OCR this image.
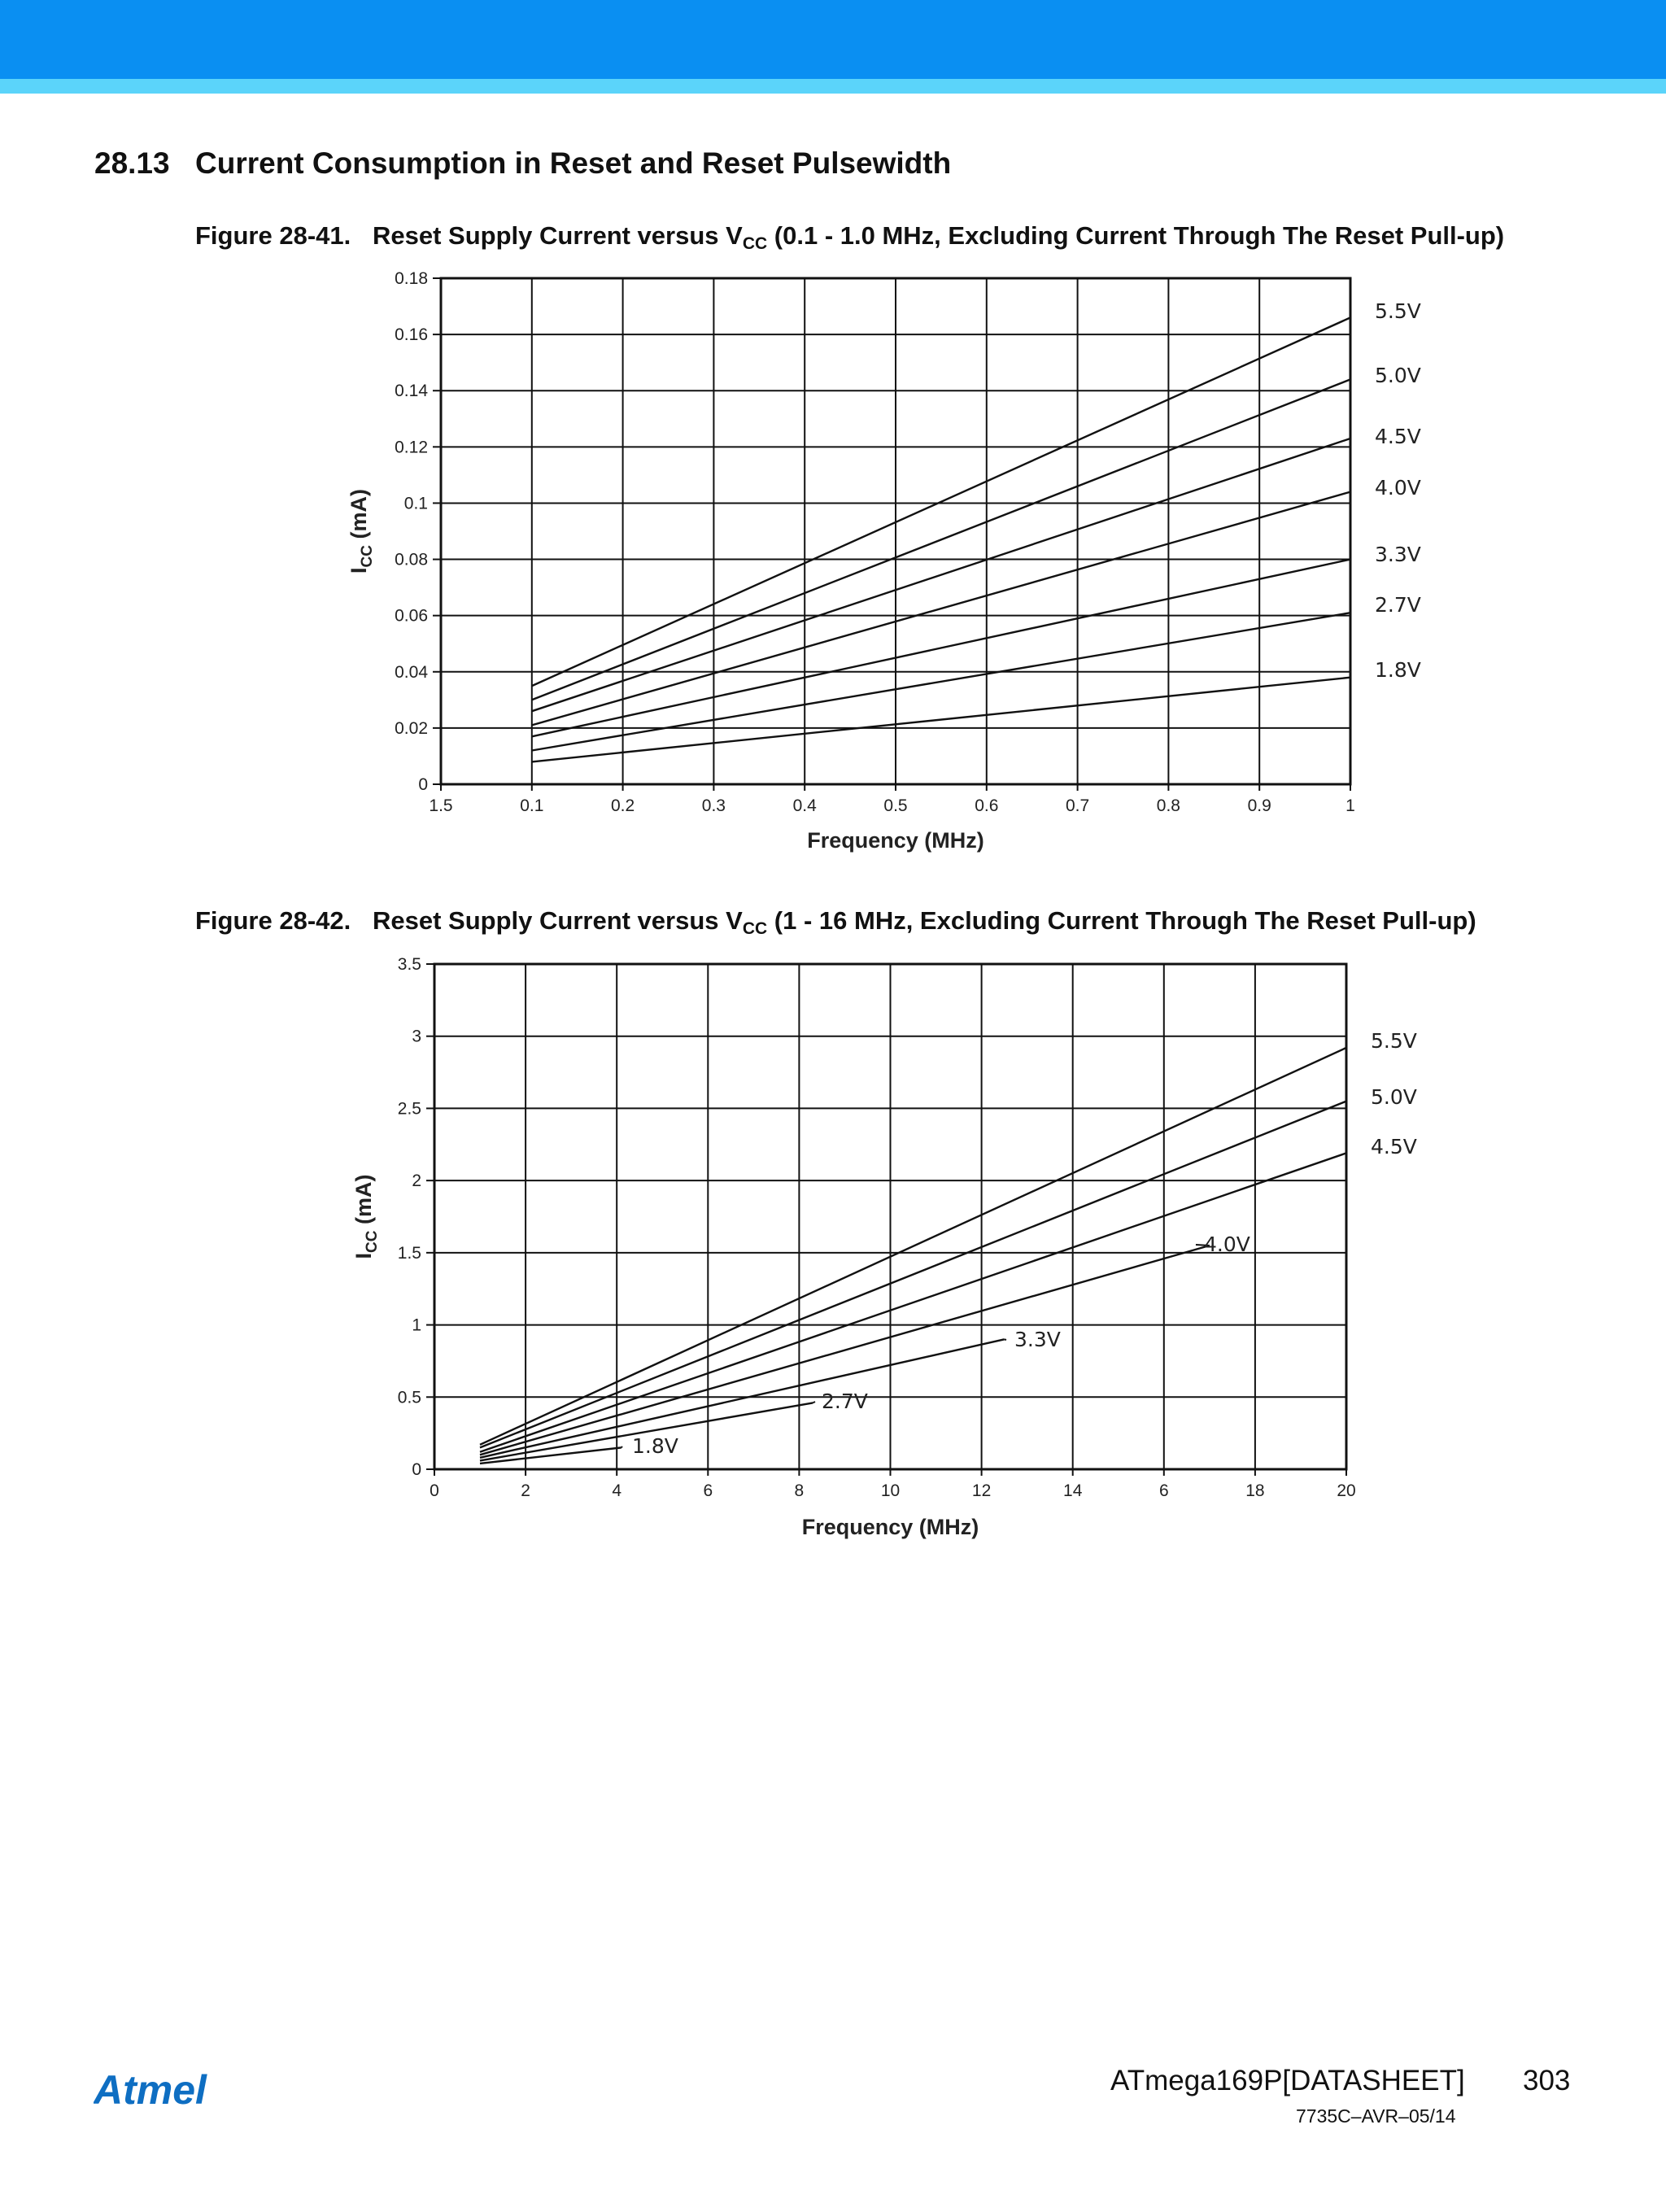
28.13 Current Consumption in Reset and Reset Pulsewidth
Figure 28-41. Reset Supply Current versus $V_{CC}$ (0.1 - 1.0 MHz, Excluding Current Through The Reset Pull-up)
Figure 28-42. Reset Supply Current versus $V_{CC}$ (1 - 16 MHz, Excluding Current Through The Reset Pull-up)
1.5	0.1	0.2	0.3	0.4	0.5	0.6	0.7	0.8	0.9	1
0
0.02
0.04
0.06
0.08
0.1
0.12
0.14
0.16
0.18
Frequency (MHz)
$I_{CC}$ (mA)
5.5V
5.0V
4.5V
4.0V
3.3V
2.7V
1.8V
0	2	4	6	8	10	12	14	6	18	20
0
0.5
1
1.5
2
2.5
3
3.5
Frequency (MHz)
$I_{CC}$ (mA)
5.5V
5.0V
4.5V
4.0V
3.3V
2.7V
1.8V
Atmel	ATmega169P[DATASHEET] 303
7735C–AVR–05/14
